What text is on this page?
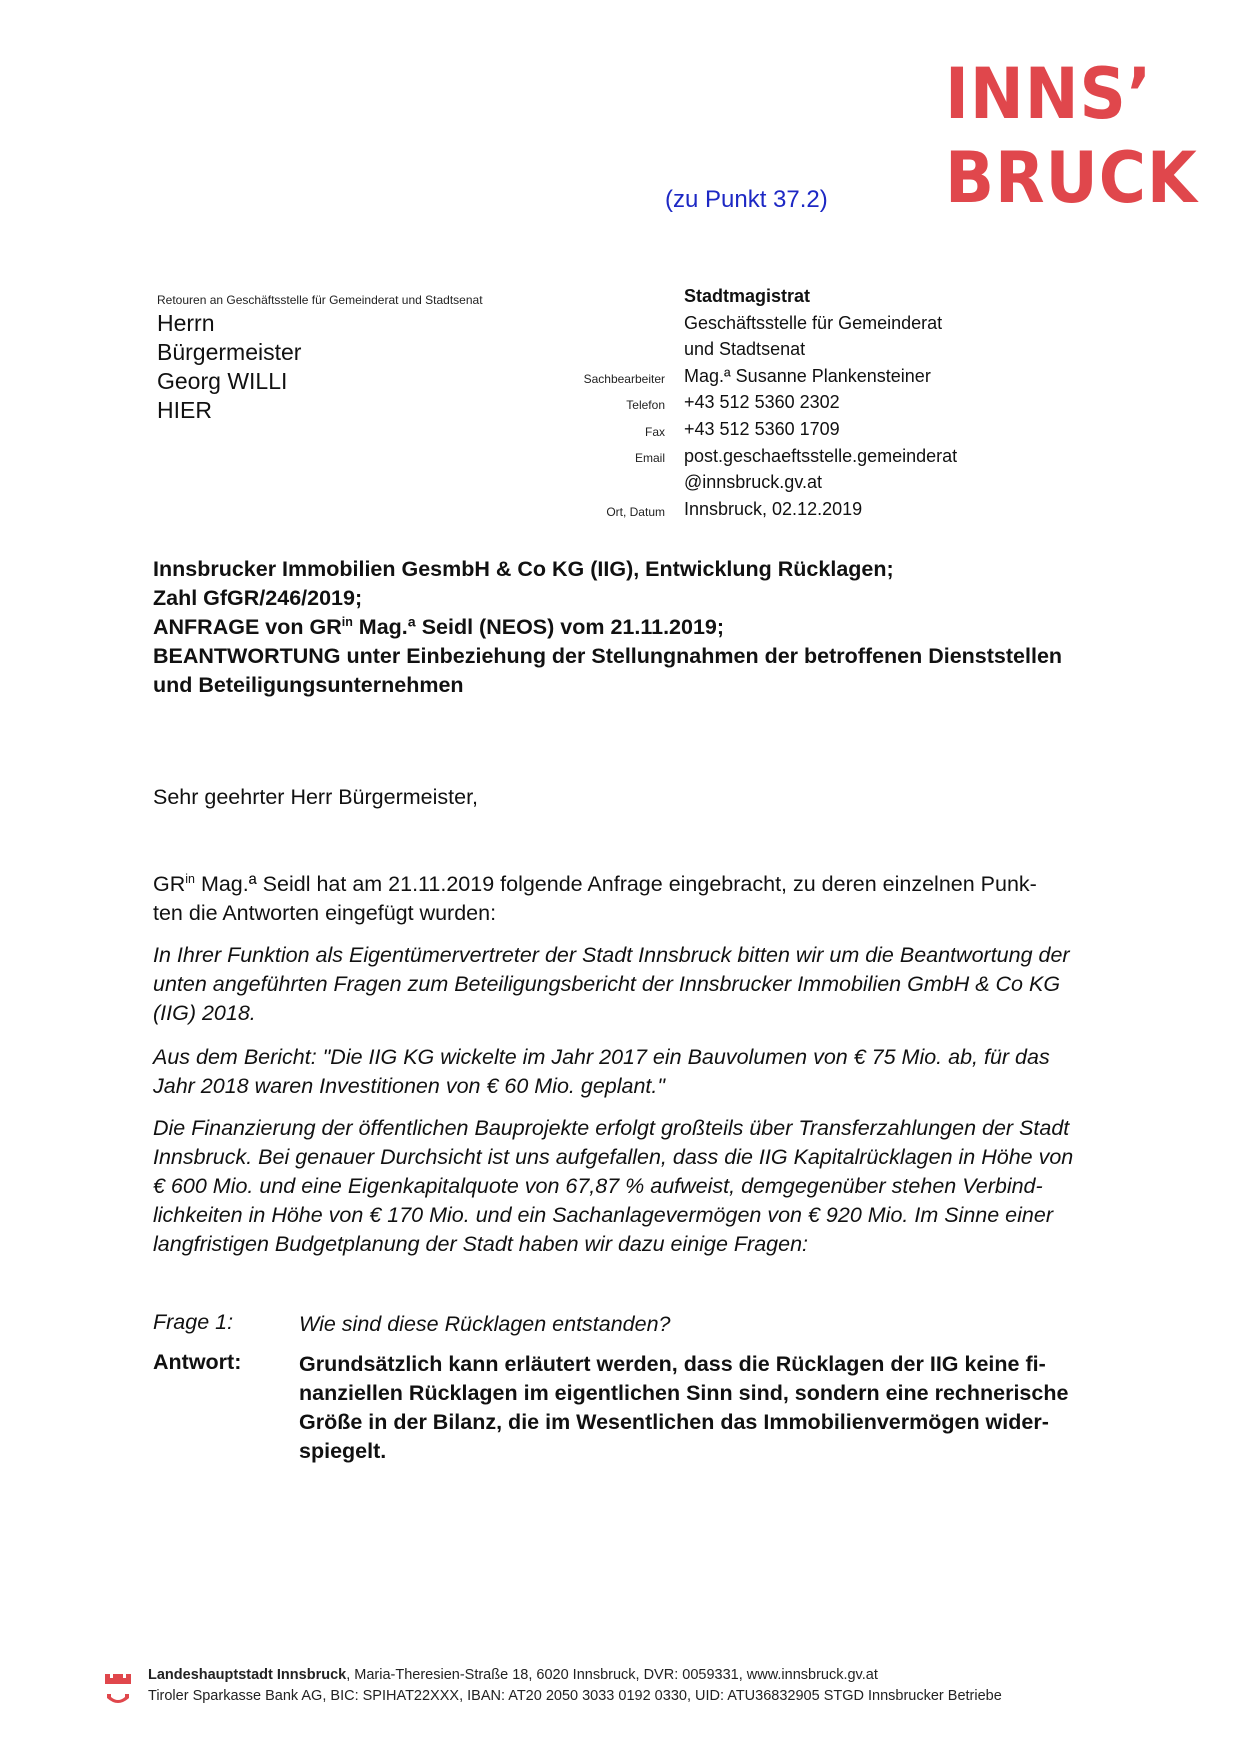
INNS’
BRUCK
(zu Punkt 37.2)
Retouren an Geschäftsstelle für Gemeinderat und Stadtsenat
Herrn
Bürgermeister
Georg WILLI
HIER
Sachbearbeiter
Telefon
Fax
Email
Ort, Datum
Stadtmagistrat
Geschäftsstelle für Gemeinderat
und Stadtsenat
Mag.ª Susanne Plankensteiner
+43 512 5360 2302
+43 512 5360 1709
post.geschaeftsstelle.gemeinderat
@innsbruck.gv.at
Innsbruck, 02.12.2019
Innsbrucker Immobilien GesmbH & Co KG (IIG), Entwicklung Rücklagen;
Zahl GfGR/246/2019;
ANFRAGE von $GR^{in}$ Mag.ª Seidl (NEOS) vom 21.11.2019;
BEANTWORTUNG unter Einbeziehung der Stellungnahmen der betroffenen Dienststellen
und Beteiligungsunternehmen
Sehr geehrter Herr Bürgermeister,
$GR^{in}$ Mag.ª Seidl hat am 21.11.2019 folgende Anfrage eingebracht, zu deren einzelnen Punk-
ten die Antworten eingefügt wurden:
In Ihrer Funktion als Eigentümervertreter der Stadt Innsbruck bitten wir um die Beantwortung der
unten angeführten Fragen zum Beteiligungsbericht der Innsbrucker Immobilien GmbH & Co KG
(IIG) 2018.
Aus dem Bericht: "Die IIG KG wickelte im Jahr 2017 ein Bauvolumen von € 75 Mio. ab, für das
Jahr 2018 waren Investitionen von € 60 Mio. geplant."
Die Finanzierung der öffentlichen Bauprojekte erfolgt großteils über Transferzahlungen der Stadt
Innsbruck. Bei genauer Durchsicht ist uns aufgefallen, dass die IIG Kapitalrücklagen in Höhe von
€ 600 Mio. und eine Eigenkapitalquote von 67,87 % aufweist, demgegenüber stehen Verbind-
lichkeiten in Höhe von € 170 Mio. und ein Sachanlagevermögen von € 920 Mio. Im Sinne einer
langfristigen Budgetplanung der Stadt haben wir dazu einige Fragen:
Frage 1:	Wie sind diese Rücklagen entstanden?
Antwort:	Grundsätzlich kann erläutert werden, dass die Rücklagen der IIG keine fi-
nanziellen Rücklagen im eigentlichen Sinn sind, sondern eine rechnerische
Größe in der Bilanz, die im Wesentlichen das Immobilienvermögen wider-
spiegelt.
Landeshauptstadt Innsbruck, Maria-Theresien-Straße 18, 6020 Innsbruck, DVR: 0059331, www.innsbruck.gv.at
Tiroler Sparkasse Bank AG, BIC: SPIHAT22XXX, IBAN: AT20 2050 3033 0192 0330, UID: ATU36832905 STGD Innsbrucker Betriebe
